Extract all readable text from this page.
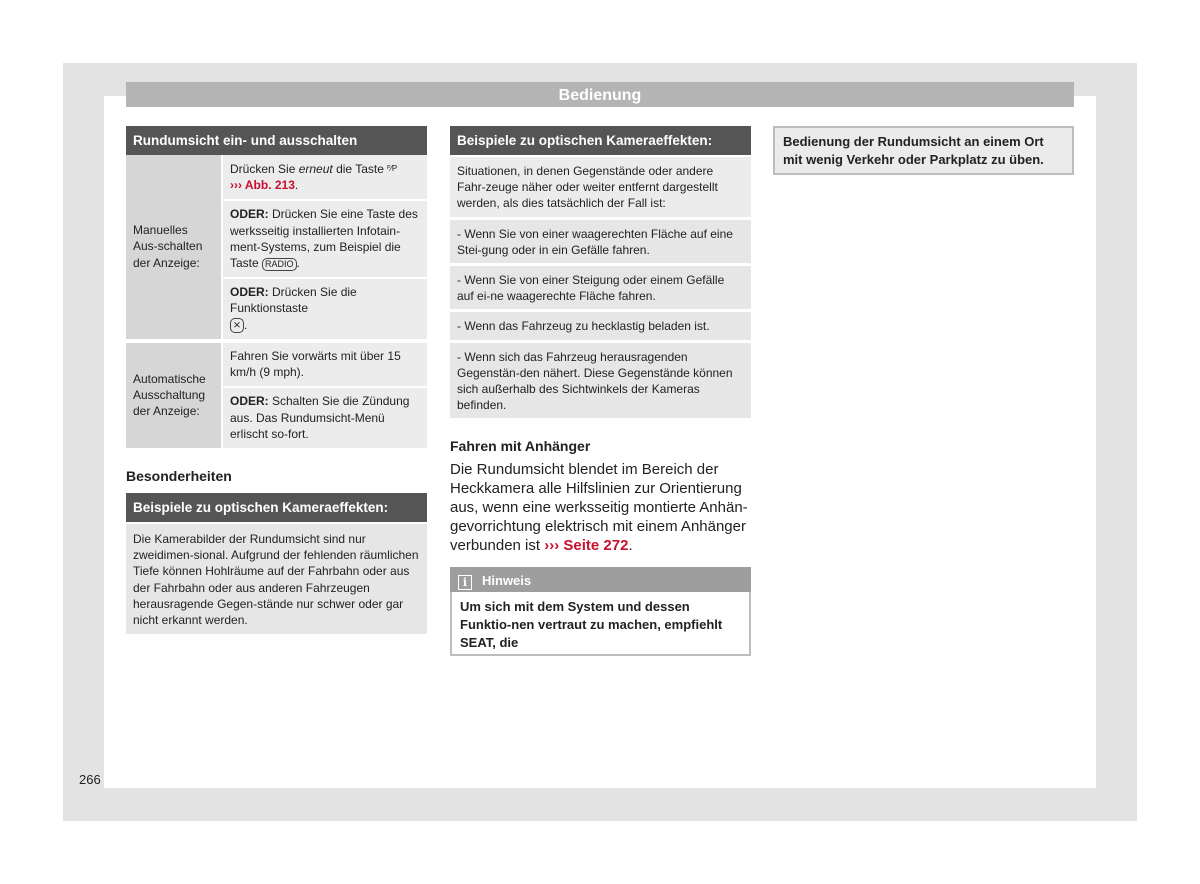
Bedienung
Rundumsicht ein- und ausschalten
Manuelles Aus-schalten der Anzeige:	Drücken Sie erneut die Taste $^{ᴾ⁄P}$
››› Abb. 213.
	ODER: Drücken Sie eine Taste des werksseitig installierten Infotain-ment-Systems, zum Beispiel die Taste RADIO .
	ODER: Drücken Sie die Funktionstaste
⨯ .
Automatische Ausschaltung der Anzeige:	Fahren Sie vorwärts mit über 15 km/h (9 mph).
	ODER: Schalten Sie die Zündung aus. Das Rundumsicht-Menü erlischt so-fort.

Besonderheiten

Beispiele zu optischen Kameraeffekten:
Die Kamerabilder der Rundumsicht sind nur zweidimen-sional. Aufgrund der fehlenden räumlichen Tiefe können Hohlräume auf der Fahrbahn oder aus der Fahrbahn oder aus anderen Fahrzeugen herausragende Gegen-stände nur schwer oder gar nicht erkannt werden.
Beispiele zu optischen Kameraeffekten:
Situationen, in denen Gegenstände oder andere Fahr-zeuge näher oder weiter entfernt dargestellt werden, als dies tatsächlich der Fall ist:
- Wenn Sie von einer waagerechten Fläche auf eine Stei-gung oder in ein Gefälle fahren.
- Wenn Sie von einer Steigung oder einem Gefälle auf ei-ne waagerechte Fläche fahren.
- Wenn das Fahrzeug zu hecklastig beladen ist.
- Wenn sich das Fahrzeug herausragenden Gegenstän-den nähert. Diese Gegenstände können sich außerhalb des Sichtwinkels der Kameras befinden.

Fahren mit Anhänger

Die Rundumsicht blendet im Bereich der Heckkamera alle Hilfslinien zur Orientierung aus, wenn eine werksseitig montierte Anhän-gevorrichtung elektrisch mit einem Anhänger verbunden ist ››› Seite 272.

i Hinweis
Um sich mit dem System und dessen Funktio-nen vertraut zu machen, empfiehlt SEAT, die
Bedienung der Rundumsicht an einem Ort mit wenig Verkehr oder Parkplatz zu üben.
266
